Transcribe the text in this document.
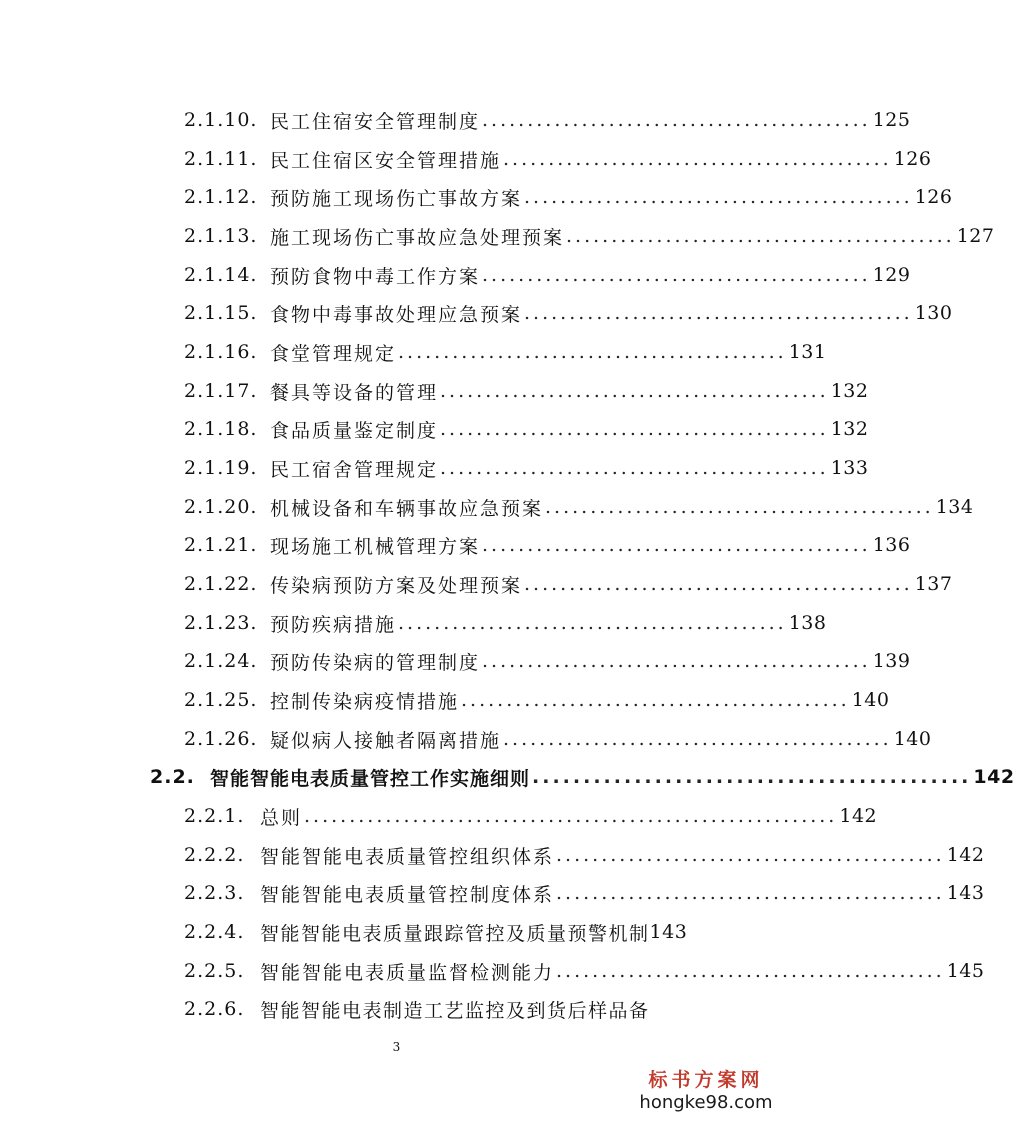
2.1.10. 民工住宿安全管理制度 ........................................... 125
2.1.11. 民工住宿区安全管理措施 ........................................... 126
2.1.12. 预防施工现场伤亡事故方案 ........................................... 126
2.1.13. 施工现场伤亡事故应急处理预案 ........................................... 127
2.1.14. 预防食物中毒工作方案 ........................................... 129
2.1.15. 食物中毒事故处理应急预案 ........................................... 130
2.1.16. 食堂管理规定 ........................................... 131
2.1.17. 餐具等设备的管理 ........................................... 132
2.1.18. 食品质量鉴定制度 ........................................... 132
2.1.19. 民工宿舍管理规定 ........................................... 133
2.1.20. 机械设备和车辆事故应急预案 ........................................... 134
2.1.21. 现场施工机械管理方案 ........................................... 136
2.1.22. 传染病预防方案及处理预案 ........................................... 137
2.1.23. 预防疾病措施 ........................................... 138
2.1.24. 预防传染病的管理制度 ........................................... 139
2.1.25. 控制传染病疫情措施 ........................................... 140
2.1.26. 疑似病人接触者隔离措施 ........................................... 140
2.2. 智能智能电表质量管控工作实施细则 ........................................... 142
2.2.1. 总则 ........................................................... 142
2.2.2. 智能智能电表质量管控组织体系 ........................................... 142
2.2.3. 智能智能电表质量管控制度体系 ........................................... 143
2.2.4. 智能智能电表质量跟踪管控及质量预警机制 143
2.2.5. 智能智能电表质量监督检测能力 ........................................... 145
2.2.6. 智能智能电表制造工艺监控及到货后样品备
3
标书方案网
hongke98.com
